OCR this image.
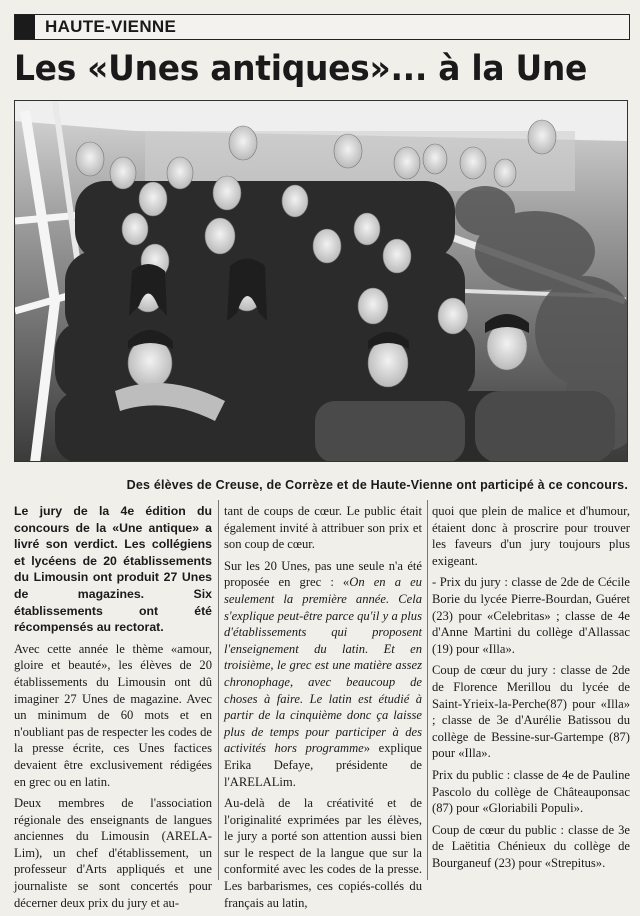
HAUTE-VIENNE
Les «Unes antiques»... à la Une
Des élèves de Creuse, de Corrèze et de Haute-Vienne ont participé à ce concours.

Le jury de la 4e édition du concours de la «Une antique» a livré son verdict. Les collégiens et lycéens de 20 établissements du Limousin ont produit 27 Unes de magazines. Six établissements ont été récompensés au rectorat.

Avec cette année le thème «amour, gloire et beauté», les élèves de 20 établissements du Limousin ont dû imaginer 27 Unes de magazine. Avec un minimum de 60 mots et en n'oubliant pas de respecter les codes de la presse écrite, ces Unes factices devaient être exclusivement rédigées en grec ou en latin.

Deux membres de l'association régionale des enseignants de langues anciennes du Limousin (ARELA-Lim), un chef d'établissement, un professeur d'Arts appliqués et une journaliste se sont concertés pour décerner deux prix du jury et au-

tant de coups de cœur. Le public était également invité à attribuer son prix et son coup de cœur.

Sur les 20 Unes, pas une seule n'a été proposée en grec : «On en a eu seulement la première année. Cela s'explique peut-être parce qu'il y a plus d'établissements qui proposent l'enseignement du latin. Et en troisième, le grec est une matière assez chronophage, avec beaucoup de choses à faire. Le latin est étudié à partir de la cinquième donc ça laisse plus de temps pour participer à des activités hors programme» explique Erika Defaye, présidente de l'ARELALim.

Au-delà de la créativité et de l'originalité exprimées par les élèves, le jury a porté son attention aussi bien sur le respect de la langue que sur la conformité avec les codes de la presse. Les barbarismes, ces copiés-collés du français au latin,

quoi que plein de malice et d'humour, étaient donc à proscrire pour trouver les faveurs d'un jury toujours plus exigeant.

- Prix du jury : classe de 2de de Cécile Borie du lycée Pierre-Bourdan, Guéret (23) pour «Celebritas» ; classe de 4e d'Anne Martini du collège d'Allassac (19) pour «Illa».

Coup de cœur du jury : classe de 2de de Florence Merillou du lycée de Saint-Yrieix-la-Perche(87) pour «Illa» ; classe de 3e d'Aurélie Batissou du collège de Bessine-sur-Gartempe (87) pour «Illa».

Prix du public : classe de 4e de Pauline Pascolo du collège de Châteauponsac (87) pour «Gloriabili Populi».

Coup de cœur du public : classe de 3e de Laëtitia Chénieux du collège de Bourganeuf (23) pour «Strepitus».
